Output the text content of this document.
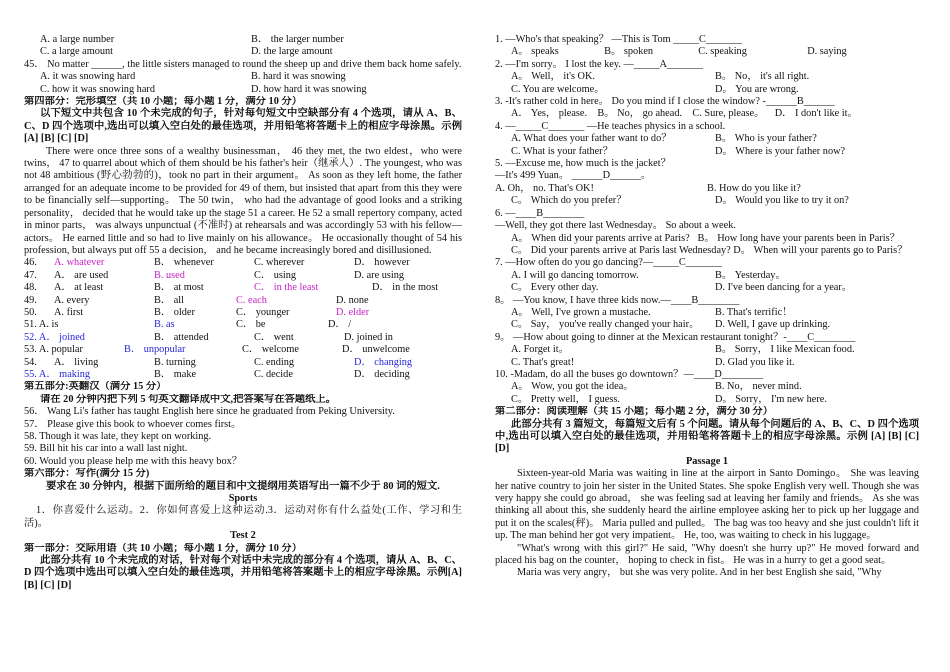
A. a large number	B． the larger number
C. a large amount	D. the large amount
45． No matter ______, the little sisters managed to round the sheep up and drive them back home safely.
A. it was snowing hard	B. hard it was snowing
C. how it was snowing hard	D. how hard it was snowing
第四部分：完形填空（共 10 小题；每小题 1 分，满分 10 分）
以下短文中共包含 10 个未完成的句子，针对每句短文中空缺部分有 4 个选项，请从 A、B、C、D 四个选项中,选出可以填入空白处的最佳选项，并用铅笔将答题卡上的相应字母涂黑。示例[A] [B] [C] [D]
There were once three sons of a wealthy businessman， 46 they met, the two eldest，who were twins， 47 to quarrel about which of them should be his father's heir（继承人）. The youngest, who was not 48 ambitious (野心勃勃的)，took no part in their argument。 As soon as they left home, the father arranged for an adequate income to be provided for 49 of them, but insisted that apart from this they were to be financially self—supporting。 The 50 twin， who had the advantage of good looks and a striking personality， decided that he would take up the stage 51 a career. He 52 a small repertory company, acted in minor parts， was always unpunctual (不准时) at rehearsals and was accordingly 53 with his fellow—actors。 He earned little and so had to live mainly on his allowance。 He occasionally thought of 54 his profession, but always put off 55 a decision， and he became increasingly bored and disillusioned.
46.	A. whatever	B． whenever	C. wherever	D． however
47.	A． are used	B. used	C． using	D. are using
48.	A． at least	B． at most	C． in the least	D． in the most
49.	A. every	B． all	C. each	D. none
50.	A. first	B． older	C． younger	D. elder
51. A. is	B. as	C． be	D． /
52. A． joined	B． attended	C． went	D. joined in
53. A. popular	B． unpopular	C． welcome	D． unwelcome
54.	A． living	B. turning	C. ending	D． changing
55. A． making	B． make	C. decide	D． deciding
第五部分:英翻汉（满分 15 分）
请在 20 分钟内把下列 5 句英文翻译成中文,把答案写在答题纸上。
56． Wang Li's father has taught English here since he graduated from Peking University.
57． Please give this book to whoever comes first。
58. Though it was late, they kept on working.
59. Bill hit his car into a wall last night.
60. Would you please help me with this heavy box？
第六部分：写作(满分 15 分)
要求在 30 分钟内，根据下面所给的题目和中文提纲用英语写出一篇不少于 80 词的短文.
Sports
1．你喜爱什么运动。2．你如何喜爱上这种运动.3．运动对你有什么益处(工作、学习和生活)。
Test 2
第一部分：交际用语（共 10 小题；每小题 1 分，满分 10 分）
此部分共有 10 个未完成的对话，针对每个对话中未完成的部分有 4 个选项，请从 A、B、C、D 四个选项中选出可以填入空白处的最佳选项，并用铅笔将答案题卡上的相应字母涂黑。示例[A] [B] [C] [D]
1. —Who's that speaking？ —This is Tom _____C_______
A。 speaks	B。 spoken	C. speaking	D. saying
2. —I'm sorry。 I lost the key. —_____A_______
A。 Well， it's OK.	B。 No， it's all right.
C. You are welcome。	D。 You are wrong.
3. -It's rather cold in here。 Do you mind if I close the window? -______B______
A． Yes， please. B。 No， go ahead. C. Sure, please。 D． I don't like it。
4. —_____C_______ —He teaches physics in a school.
A. What does your father want to do？	B。 Who is your father?
C. What is your father？	D。 Where is your father now?
5. —Excuse me, how much is the jacket？
—It's 499 Yuan。 ______D______。
A. Oh， no. That's OK!	B. How do you like it?
C。 Which do you prefer？	D。 Would you like to try it on?
6. —____B________
—Well, they got there last Wednesday。 So about a week.
A。 When did your parents arrive at Paris? B。 How long have your parents been in Paris？
C。 Did your parents arrive at Paris last Wednesday? D。 When will your parents go to Paris？
7. —How often do you go dancing?—_____C_______
A. I will go dancing tomorrow.	B。 Yesterday。
C。 Every other day.	D. I've been dancing for a year。
8。 —You know, I have three kids now.—____B________
A。 Well, I've grown a mustache.	B. That's terrific！
C。 Say， you've really changed your hair。	D. Well, I gave up drinking.
9。 —How about going to dinner at the Mexican restaurant tonight？-____C________
A. Forget it。	B。 Sorry， I like Mexican food.
C. That's great!	D. Glad you like it.
10. -Madam, do all the buses go downtown？—____D________
A。 Wow, you got the idea。	B. No， never mind.
C。 Pretty well， I guess.	D。 Sorry， I'm new here.
第二部分：阅读理解（共 15 小题；每小题 2 分，满分 30 分）
此部分共有 3 篇短文，每篇短文后有 5 个问题。请从每个问题后的 A、B、C、D 四个选项中,选出可以填入空白处的最佳选项，并用铅笔将答题卡上的相应字母涂黑。示例 [A] [B] [C] [D]
Passage 1
Sixteen-year-old Maria was waiting in line at the airport in Santo Domingo。 She was leaving her native country to join her sister in the United States. She spoke English very well. Though she was very happy she could go abroad， she was feeling sad at leaving her family and friends。 As she was thinking all about this, she suddenly heard the airline employee asking her to pick up her luggage and put it on the scales(秤)。 Maria pulled and pulled。 The bag was too heavy and she just couldn't lift it up. The man behind her got very impatient。 He, too, was waiting to check in his luggage。
"What's wrong with this girl?" He said, "Why doesn't she hurry up?" He moved forward and placed his bag on the counter， hoping to check in fist。 He was in a hurry to get a good seat。
Maria was very angry， but she was very polite. And in her best English she said, "Why
